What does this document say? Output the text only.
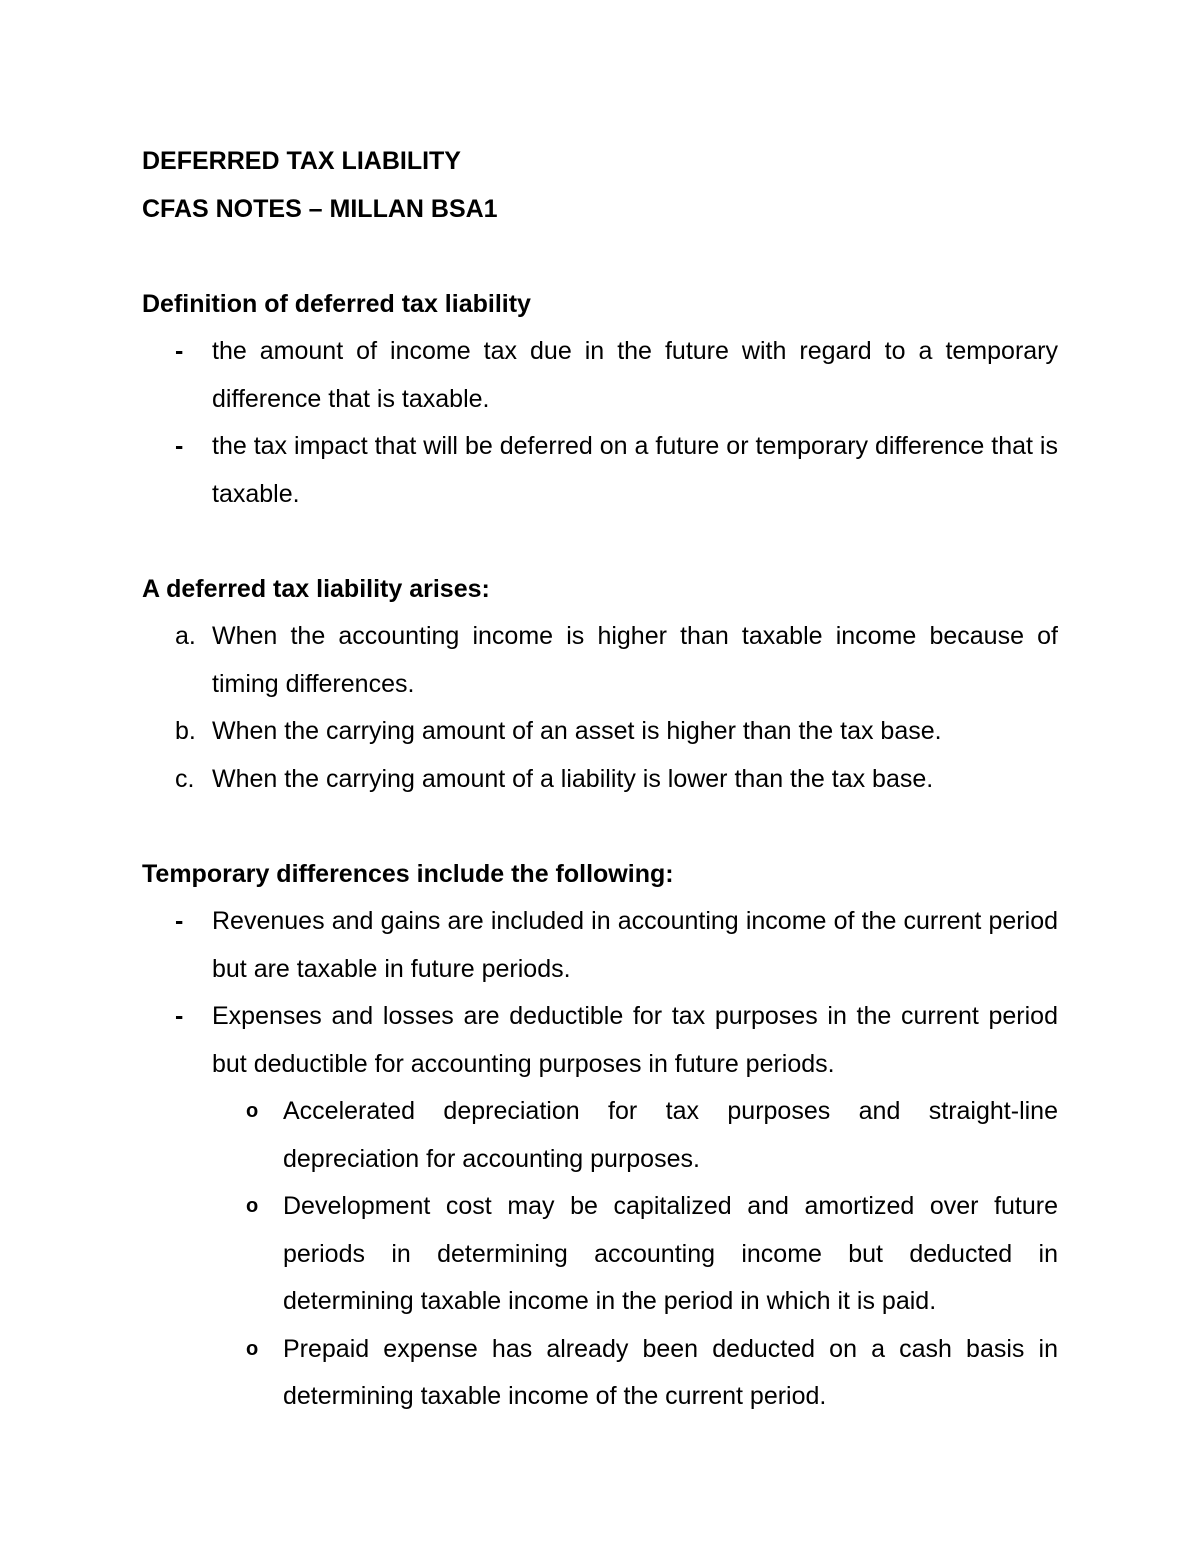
DEFERRED TAX LIABILITY
CFAS NOTES – MILLAN BSA1
Definition of deferred tax liability
- the amount of income tax due in the future with regard to a temporary difference that is taxable.
- the tax impact that will be deferred on a future or temporary difference that is taxable.
A deferred tax liability arises:
a. When the accounting income is higher than taxable income because of timing differences.
b. When the carrying amount of an asset is higher than the tax base.
c. When the carrying amount of a liability is lower than the tax base.
Temporary differences include the following:
- Revenues and gains are included in accounting income of the current period but are taxable in future periods.
- Expenses and losses are deductible for tax purposes in the current period but deductible for accounting purposes in future periods.
o Accelerated depreciation for tax purposes and straight-line depreciation for accounting purposes.
o Development cost may be capitalized and amortized over future periods in determining accounting income but deducted in determining taxable income in the period in which it is paid.
o Prepaid expense has already been deducted on a cash basis in determining taxable income of the current period.
